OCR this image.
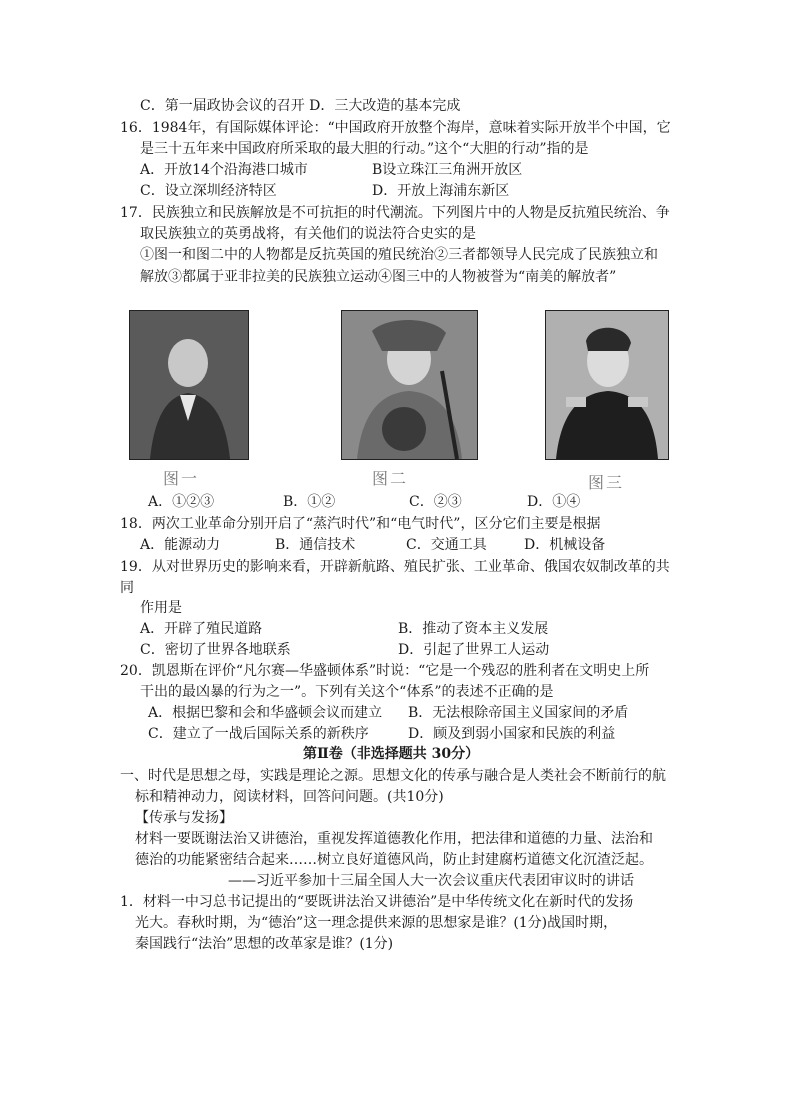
C．第一届政协会议的召开 D．三大改造的基本完成
16．1984年，有国际媒体评论：“中国政府开放整个海岸，意味着实际开放半个中国，它
是三十五年来中国政府所采取的最大胆的行动。”这个“大胆的行动”指的是
A．开放14个沿海港口城市	B设立珠江三角洲开放区
C．设立深圳经济特区	D．开放上海浦东新区
17．民族独立和民族解放是不可抗拒的时代潮流。下列图片中的人物是反抗殖民统治、争
取民族独立的英勇战将，有关他们的说法符合史实的是
①图一和图二中的人物都是反抗英国的殖民统治②三者都领导人民完成了民族独立和
解放③都属于亚非拉美的民族独立运动④图三中的人物被誉为“南美的解放者”
图一	图二	图三
A．①②③	B．①②	C．②③	D．①④
18．两次工业革命分别开启了“蒸汽时代”和“电气时代”，区分它们主要是根据
A．能源动力	B．通信技术	C．交通工具	D．机械设备
19．从对世界历史的影响来看，开辟新航路、殖民扩张、工业革命、俄国农奴制改革的共
同
作用是
A．开辟了殖民道路	B．推动了资本主义发展
C．密切了世界各地联系	D．引起了世界工人运动
20．凯恩斯在评价“凡尔赛—华盛顿体系”时说：“它是一个残忍的胜利者在文明史上所
干出的最凶暴的行为之一”。下列有关这个“体系”的表述不正确的是
A．根据巴黎和会和华盛顿会议而建立 B．无法根除帝国主义国家间的矛盾
C．建立了一战后国际关系的新秩序	D．顾及到弱小国家和民族的利益
第Ⅱ卷（非选择题共 30分）
一、时代是思想之母，实践是理论之源。思想文化的传承与融合是人类社会不断前行的航
标和精神动力，阅读材料，回答问问题。(共10分)
【传承与发扬】
材料一要既谢法治又讲德治，重视发挥道德教化作用，把法律和道德的力量、法治和
德治的功能紧密结合起来……树立良好道德风尚，防止封建腐朽道德文化沉渣泛起。
——习近平参加十三届全国人大一次会议重庆代表团审议时的讲话
1．材料一中习总书记提出的“要既讲法治又讲德治”是中华传统文化在新时代的发扬
光大。春秋时期，为“德治”这一理念提供来源的思想家是谁？(1分)战国时期，
秦国践行“法治”思想的改革家是谁？(1分)
